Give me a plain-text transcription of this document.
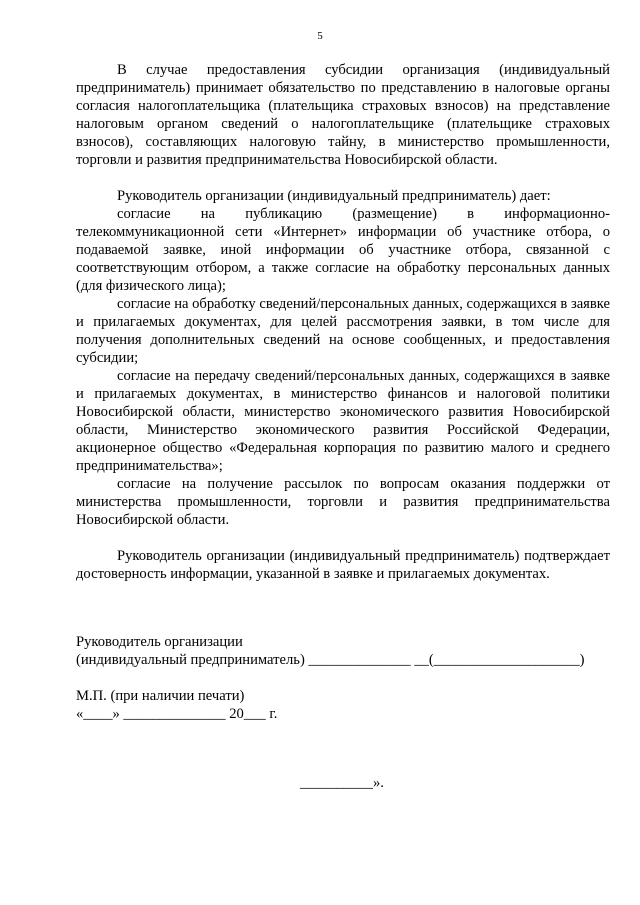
5

В случае предоставления субсидии организация (индивидуальный предприниматель) принимает обязательство по представлению в налоговые органы согласия налогоплательщика (плательщика страховых взносов) на представление налоговым органом сведений о налогоплательщике (плательщике страховых взносов), составляющих налоговую тайну, в министерство промышленности, торговли и развития предпринимательства Новосибирской области.

Руководитель организации (индивидуальный предприниматель) дает:

согласие на публикацию (размещение) в информационно-телекоммуникационной сети «Интернет» информации об участнике отбора, о подаваемой заявке, иной информации об участнике отбора, связанной с соответствующим отбором, а также согласие на обработку персональных данных (для физического лица);

согласие на обработку сведений/персональных данных, содержащихся в заявке и прилагаемых документах, для целей рассмотрения заявки, в том числе для получения дополнительных сведений на основе сообщенных, и предоставления субсидии;

согласие на передачу сведений/персональных данных, содержащихся в заявке и прилагаемых документах, в министерство финансов и налоговой политики Новосибирской области, министерство экономического развития Новосибирской области, Министерство экономического развития Российской Федерации, акционерное общество «Федеральная корпорация по развитию малого и среднего предпринимательства»;

согласие на получение рассылок по вопросам оказания поддержки от министерства промышленности, торговли и развития предпринимательства Новосибирской области.

Руководитель организации (индивидуальный предприниматель) подтверждает достоверность информации, указанной в заявке и прилагаемых документах.

Руководитель организации
(индивидуальный предприниматель) ______________ __(____________________)
М.П. (при наличии печати)
«____» ______________ 20___ г.
__________».
